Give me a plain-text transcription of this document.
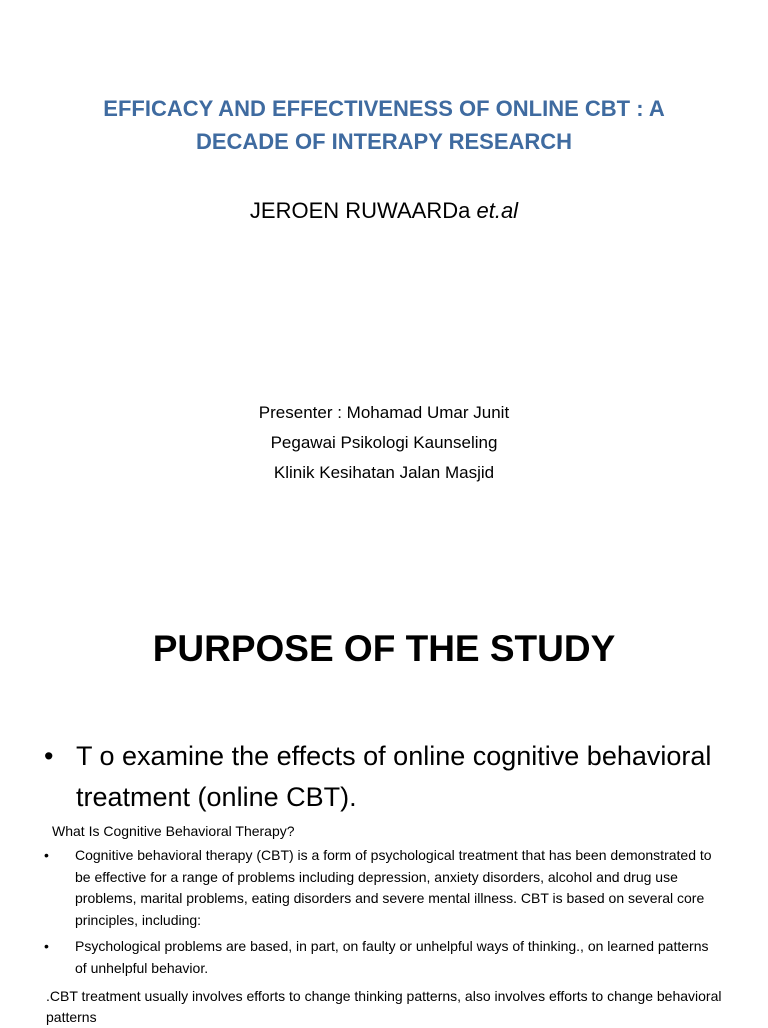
EFFICACY AND EFFECTIVENESS OF ONLINE CBT : A
DECADE OF INTERAPY RESEARCH

JEROEN RUWAARDa et.al

Presenter : Mohamad Umar Junit
Pegawai Psikologi Kaunseling
Klinik Kesihatan Jalan Masjid
PURPOSE OF THE STUDY
• T o examine the effects of online cognitive behavioral treatment (online CBT).
What Is Cognitive Behavioral Therapy?
• Cognitive behavioral therapy (CBT) is a form of psychological treatment that has been demonstrated to be effective for a range of problems including depression, anxiety disorders, alcohol and drug use problems, marital problems, eating disorders and severe mental illness. CBT is based on several core principles, including:
• Psychological problems are based, in part, on faulty or unhelpful ways of thinking., on learned patterns of unhelpful behavior.
.CBT treatment usually involves efforts to change thinking patterns, also involves efforts to change behavioral patterns
